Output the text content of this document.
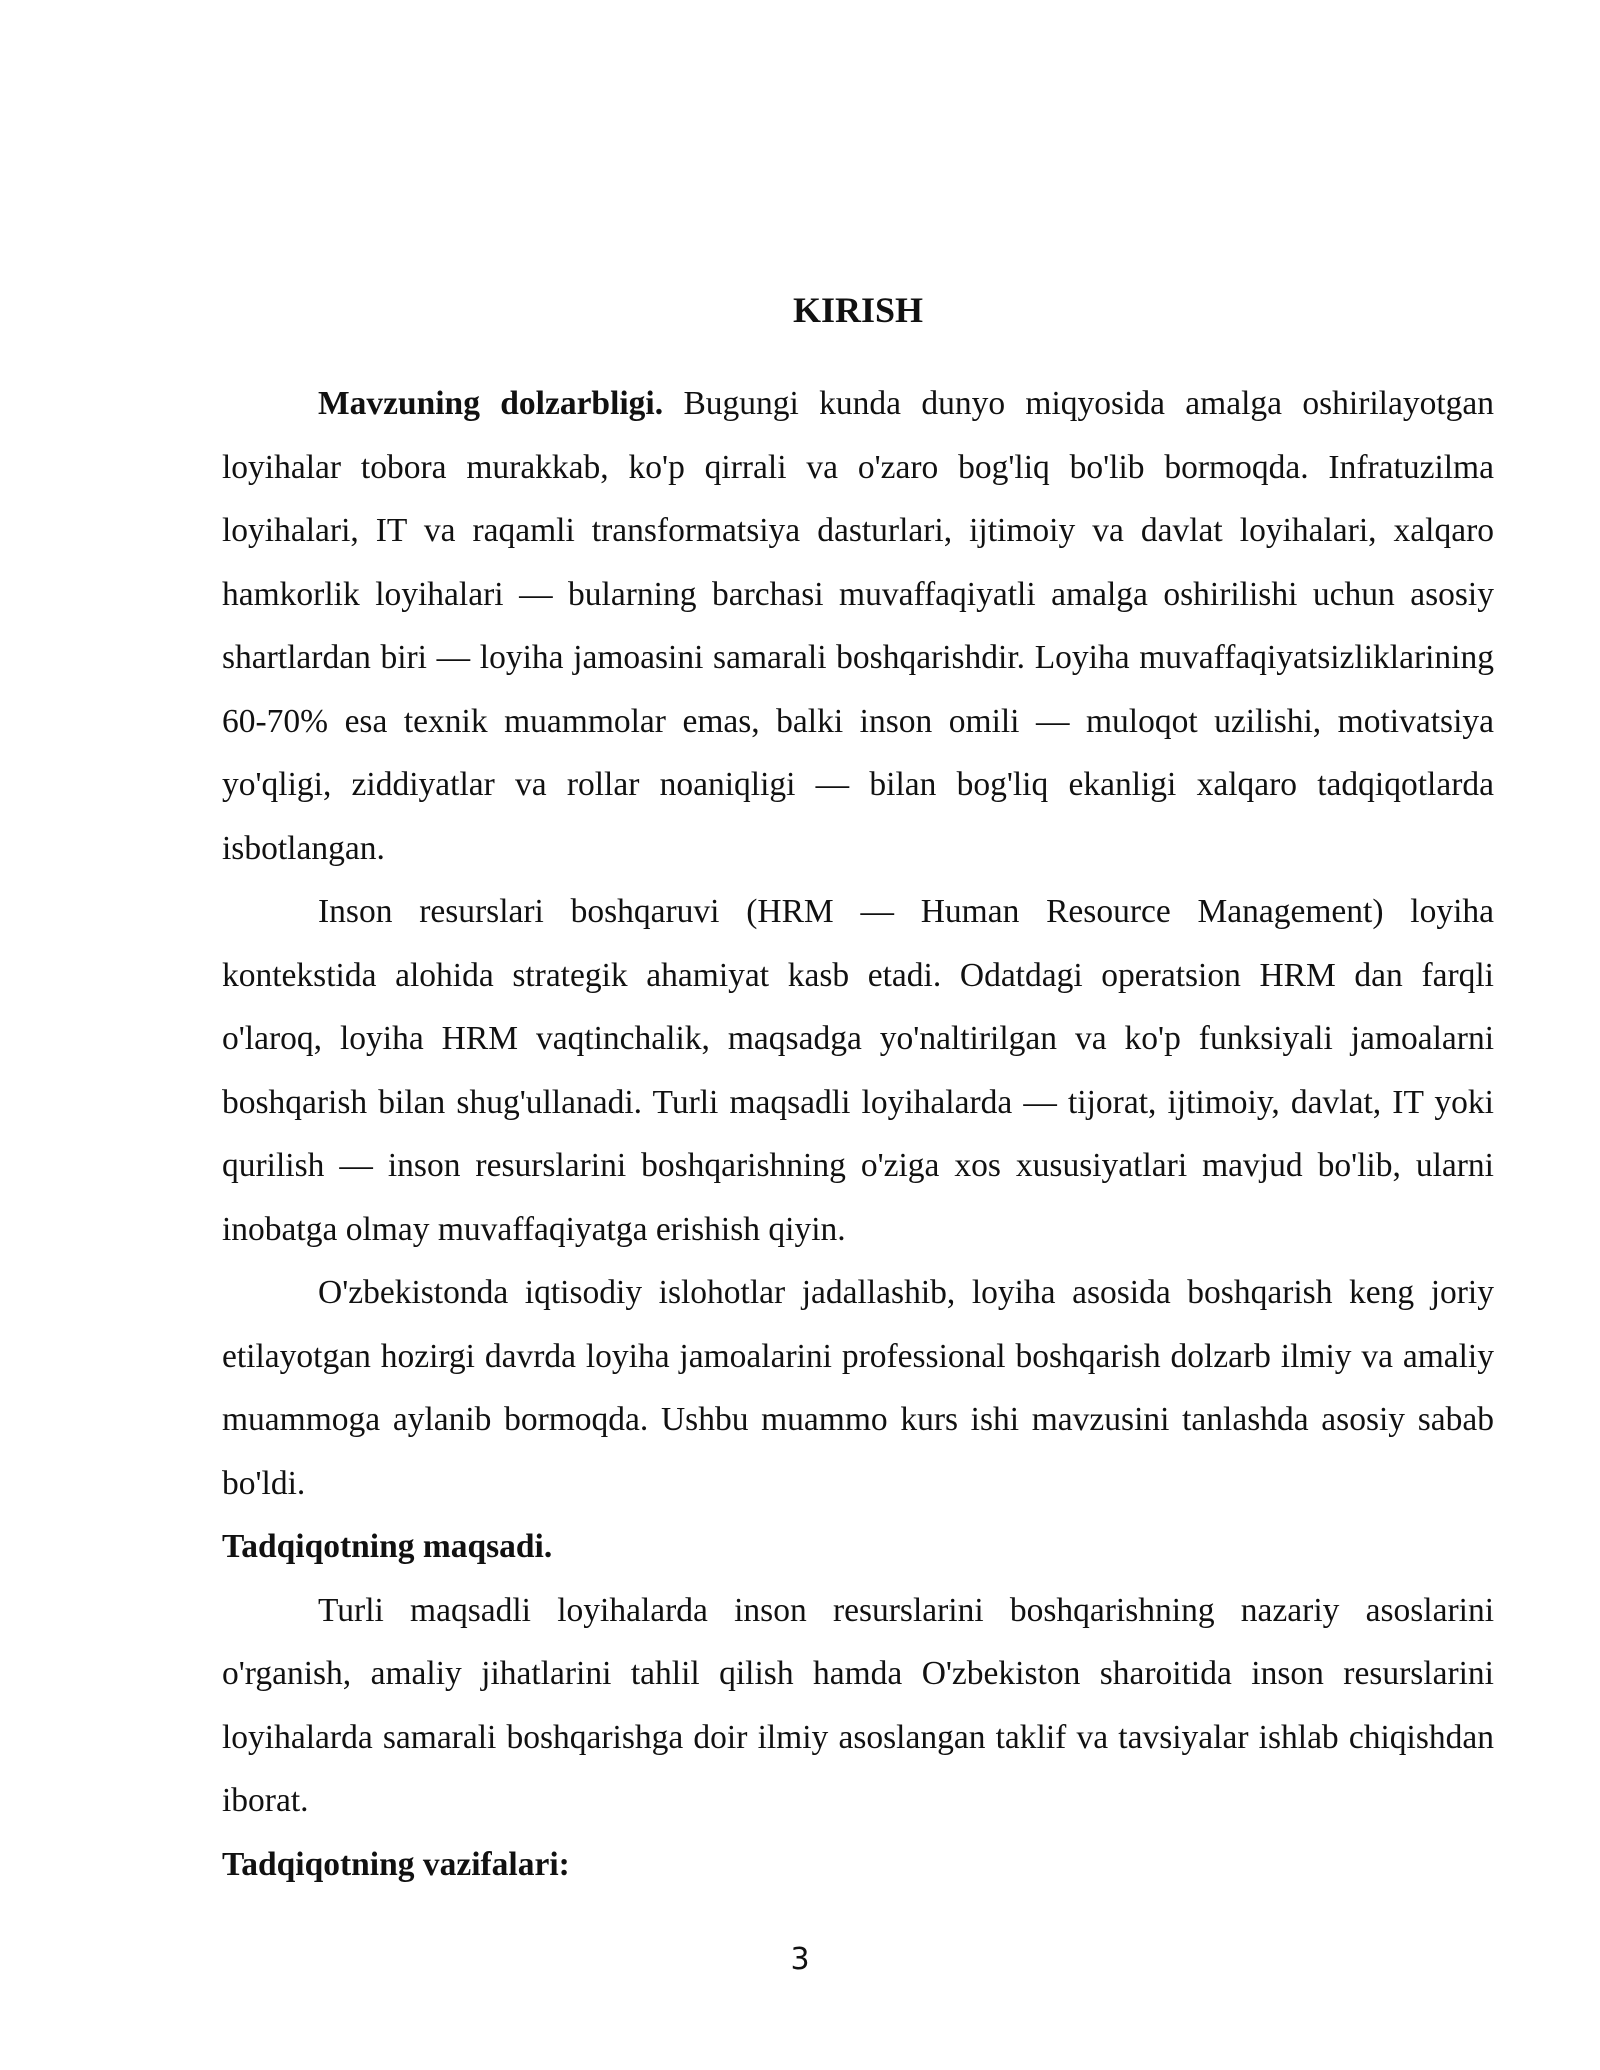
KIRISH

Mavzuning dolzarbligi. Bugungi kunda dunyo miqyosida amalga oshirilayotgan loyihalar tobora murakkab, ko'p qirrali va o'zaro bog'liq bo'lib bormoqda. Infratuzilma loyihalari, IT va raqamli transformatsiya dasturlari, ijtimoiy va davlat loyihalari, xalqaro hamkorlik loyihalari — bularning barchasi muvaffaqiyatli amalga oshirilishi uchun asosiy shartlardan biri — loyiha jamoasini samarali boshqarishdir. Loyiha muvaffaqiyatsizliklarining 60-70% esa texnik muammolar emas, balki inson omili — muloqot uzilishi, motivatsiya yo'qligi, ziddiyatlar va rollar noaniqligi — bilan bog'liq ekanligi xalqaro tadqiqotlarda isbotlangan.

Inson resurslari boshqaruvi (HRM — Human Resource Management) loyiha kontekstida alohida strategik ahamiyat kasb etadi. Odatdagi operatsion HRM dan farqli o'laroq, loyiha HRM vaqtinchalik, maqsadga yo'naltirilgan va ko'p funksiyali jamoalarni boshqarish bilan shug'ullanadi. Turli maqsadli loyihalarda — tijorat, ijtimoiy, davlat, IT yoki qurilish — inson resurslarini boshqarishning o'ziga xos xususiyatlari mavjud bo'lib, ularni inobatga olmay muvaffaqiyatga erishish qiyin.

O'zbekistonda iqtisodiy islohotlar jadallashib, loyiha asosida boshqarish keng joriy etilayotgan hozirgi davrda loyiha jamoalarini professional boshqarish dolzarb ilmiy va amaliy muammoga aylanib bormoqda. Ushbu muammo kurs ishi mavzusini tanlashda asosiy sabab bo'ldi.

Tadqiqotning maqsadi.

Turli maqsadli loyihalarda inson resurslarini boshqarishning nazariy asoslarini o'rganish, amaliy jihatlarini tahlil qilish hamda O'zbekiston sharoitida inson resurslarini loyihalarda samarali boshqarishga doir ilmiy asoslangan taklif va tavsiyalar ishlab chiqishdan iborat.

Tadqiqotning vazifalari:
3
